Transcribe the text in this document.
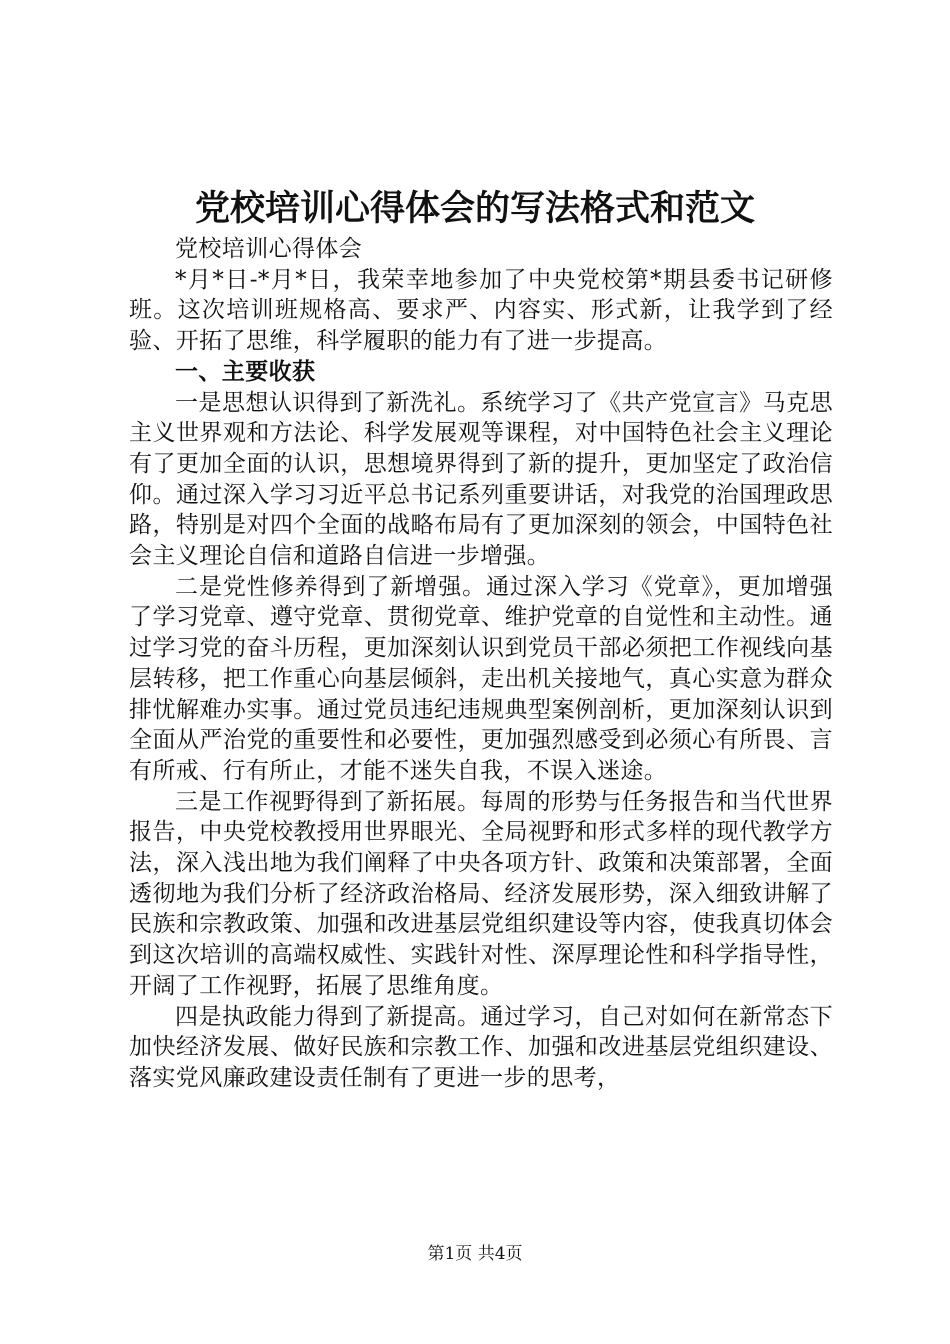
党校培训心得体会的写法格式和范文

党校培训心得体会

*月*日-*月*日，我荣幸地参加了中央党校第*期县委书记研修班。这次培训班规格高、要求严、内容实、形式新，让我学到了经验、开拓了思维，科学履职的能力有了进一步提高。

一、主要收获

一是思想认识得到了新洗礼。系统学习了《共产党宣言》马克思主义世界观和方法论、科学发展观等课程，对中国特色社会主义理论有了更加全面的认识，思想境界得到了新的提升，更加坚定了政治信仰。通过深入学习习近平总书记系列重要讲话，对我党的治国理政思路，特别是对四个全面的战略布局有了更加深刻的领会，中国特色社会主义理论自信和道路自信进一步增强。

二是党性修养得到了新增强。通过深入学习《党章》，更加增强了学习党章、遵守党章、贯彻党章、维护党章的自觉性和主动性。通过学习党的奋斗历程，更加深刻认识到党员干部必须把工作视线向基层转移，把工作重心向基层倾斜，走出机关接地气，真心实意为群众排忧解难办实事。通过党员违纪违规典型案例剖析，更加深刻认识到全面从严治党的重要性和必要性，更加强烈感受到必须心有所畏、言有所戒、行有所止，才能不迷失自我，不误入迷途。

三是工作视野得到了新拓展。每周的形势与任务报告和当代世界报告，中央党校教授用世界眼光、全局视野和形式多样的现代教学方法，深入浅出地为我们阐释了中央各项方针、政策和决策部署，全面透彻地为我们分析了经济政治格局、经济发展形势，深入细致讲解了民族和宗教政策、加强和改进基层党组织建设等内容，使我真切体会到这次培训的高端权威性、实践针对性、深厚理论性和科学指导性，开阔了工作视野，拓展了思维角度。

四是执政能力得到了新提高。通过学习，自己对如何在新常态下加快经济发展、做好民族和宗教工作、加强和改进基层党组织建设、落实党风廉政建设责任制有了更进一步的思考，

第1页 共4页
